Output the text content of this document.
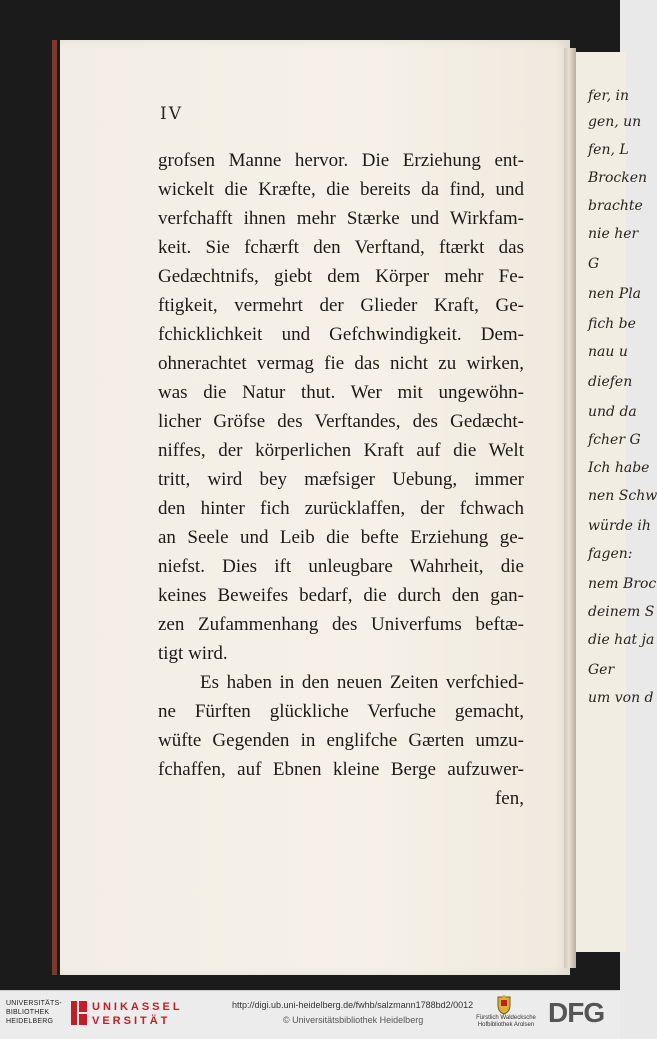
fer, in
gen, un
fen, L
Brocken
brachte
nie her
G
nen Pla
fich be
nau u
diefen
und da
fcher G
Ich habe
nen Schw
würde ih
fagen:
nem Broc
deinem S
die hat ja
Ger
um von d
IV
grofsen Manne hervor. Die Erziehung ent-
wickelt die Kræfte, die bereits da find, und
verfchafft ihnen mehr Stærke und Wirkfam-
keit. Sie fchærft den Verftand, ftærkt das
Gedæchtnifs, giebt dem Körper mehr Fe-
ftigkeit, vermehrt der Glieder Kraft, Ge-
fchicklichkeit und Gefchwindigkeit. Dem-
ohnerachtet vermag fie das nicht zu wirken,
was die Natur thut. Wer mit ungewöhn-
licher Gröfse des Verftandes, des Gedæcht-
niffes, der körperlichen Kraft auf die Welt
tritt, wird bey mæfsiger Uebung, immer
den hinter fich zurücklaffen, der fchwach
an Seele und Leib die befte Erziehung ge-
niefst. Dies ift unleugbare Wahrheit, die
keines Beweifes bedarf, die durch den gan-
zen Zufammenhang des Univerfums beftæ-
tigt wird.
Es haben in den neuen Zeiten verfchied-
ne Fürften glückliche Verfuche gemacht,
wüfte Gegenden in englifche Gærten umzu-
fchaffen, auf Ebnen kleine Berge aufzuwer-
fen,
UNIVERSITÄTS-
BIBLIOTHEK
HEIDELBERG
UNIKASSEL
VERSITÄT
http://digi.ub.uni-heidelberg.de/fwhb/salzmann1788bd2/0012
© Universitätsbibliothek Heidelberg	Fürstlich Waldecksche
Hofbibliothek Arolsen DFG
